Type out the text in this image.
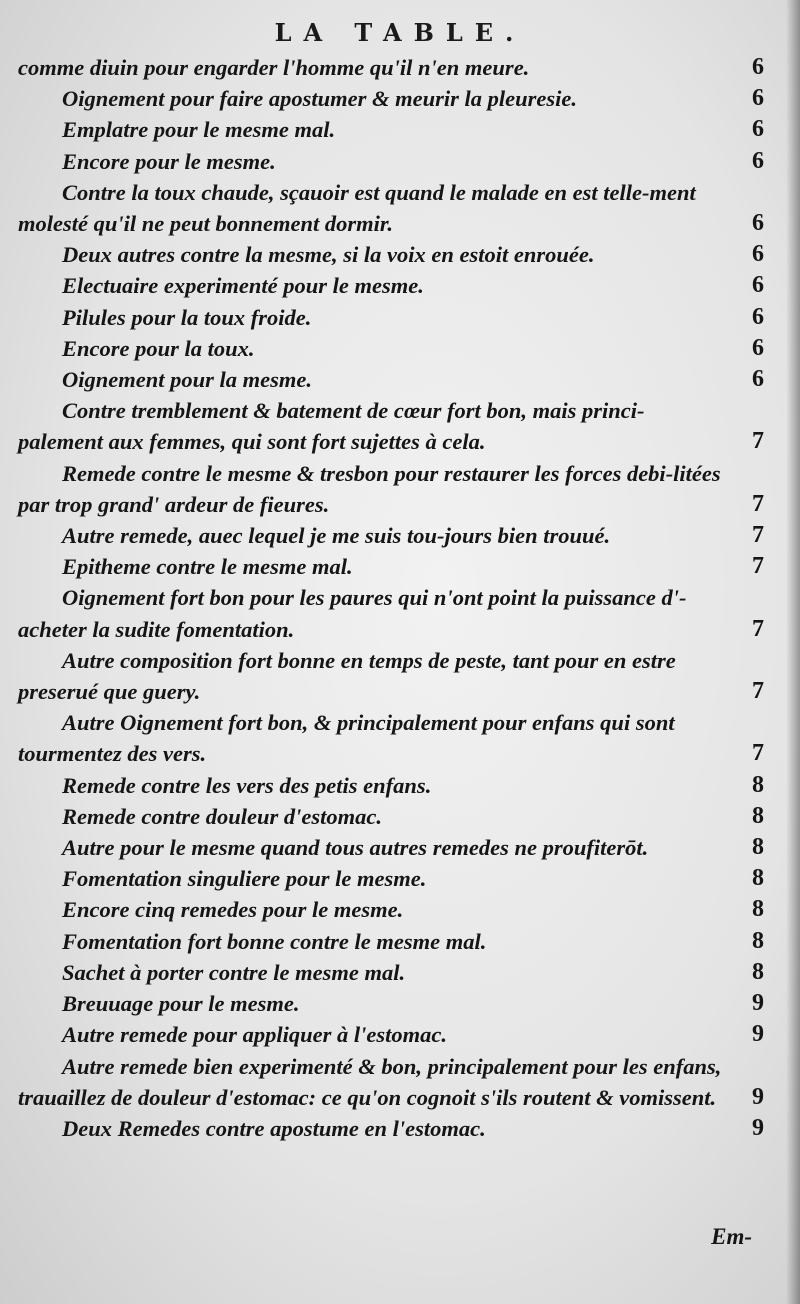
LA TABLE.
comme diuin pour engarder l'homme qu'il n'en meure.	6
Oignement pour faire apostumer & meurir la pleuresie.	6
Emplatre pour le mesme mal.	6
Encore pour le mesme.	6
Contre la toux chaude, sçauoir est quand le malade en est telle-ment molesté qu'il ne peut bonnement dormir.	6
Deux autres contre la mesme, si la voix en estoit enrouée.	6
Electuaire experimenté pour le mesme.	6
Pilules pour la toux froide.	6
Encore pour la toux.	6
Oignement pour la mesme.	6
Contre tremblement & batement de cœur fort bon, mais princi-palement aux femmes, qui sont fort sujettes à cela.	7
Remede contre le mesme & tresbon pour restaurer les forces debi-litées par trop grand' ardeur de fieures.	7
Autre remede, auec lequel je me suis tou-jours bien trouué.	7
Epitheme contre le mesme mal.	7
Oignement fort bon pour les paures qui n'ont point la puissance d'-acheter la sudite fomentation.	7
Autre composition fort bonne en temps de peste, tant pour en estre preserué que guery.	7
Autre Oignement fort bon, & principalement pour enfans qui sont tourmentez des vers.	7
Remede contre les vers des petis enfans.	8
Remede contre douleur d'estomac.	8
Autre pour le mesme quand tous autres remedes ne proufiterōt.	8
Fomentation singuliere pour le mesme.	8
Encore cinq remedes pour le mesme.	8
Fomentation fort bonne contre le mesme mal.	8
Sachet à porter contre le mesme mal.	8
Breuuage pour le mesme.	9
Autre remede pour appliquer à l'estomac.	9
Autre remede bien experimenté & bon, principalement pour les enfans, trauaillez de douleur d'estomac: ce qu'on cognoit s'ils routent & vomissent.	9
Deux Remedes contre apostume en l'estomac.	9
Em-
